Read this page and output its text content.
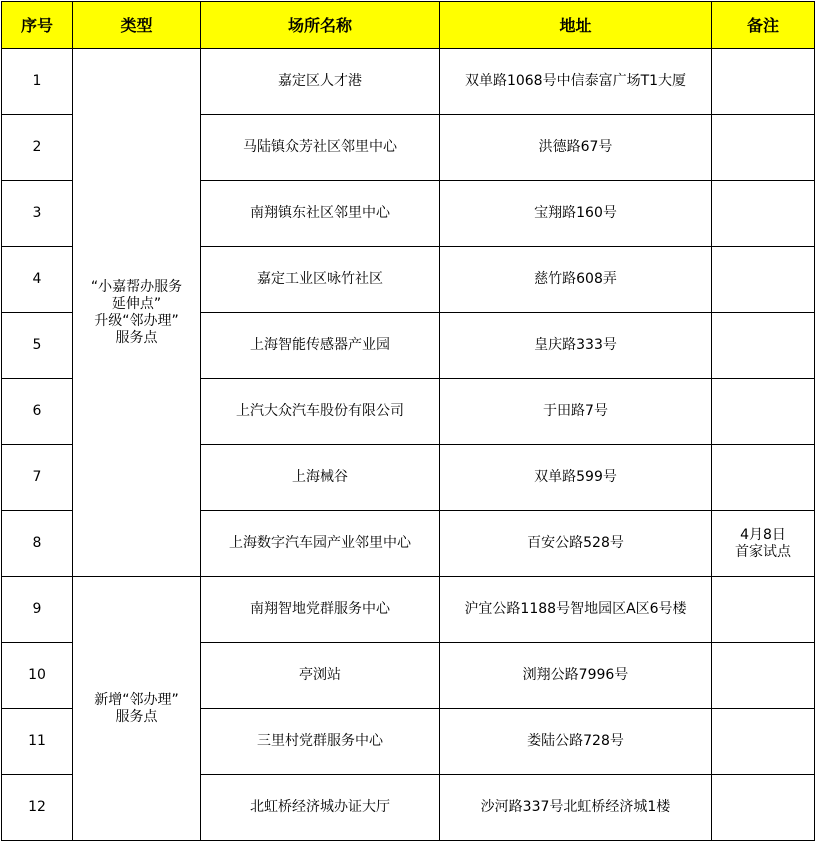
序号	类型	场所名称	地址	备注
1	“小嘉帮办服务
延伸点”
升级“邻办理”
服务点	嘉定区人才港	双单路1068号中信泰富广场T1大厦	
2		马陆镇众芳社区邻里中心	洪德路67号	
3		南翔镇东社区邻里中心	宝翔路160号	
4		嘉定工业区咏竹社区	慈竹路608弄	
5		上海智能传感器产业园	皇庆路333号	
6		上汽大众汽车股份有限公司	于田路7号	
7		上海械谷	双单路599号	
8		上海数字汽车园产业邻里中心	百安公路528号	4月8日
首家试点

9	新增“邻办理”
服务点	南翔智地党群服务中心	沪宜公路1188号智地园区A区6号楼	
10		亭浏站	浏翔公路7996号	
11		三里村党群服务中心	娄陆公路728号	
12		北虹桥经济城办证大厅	沙河路337号北虹桥经济城1楼	
